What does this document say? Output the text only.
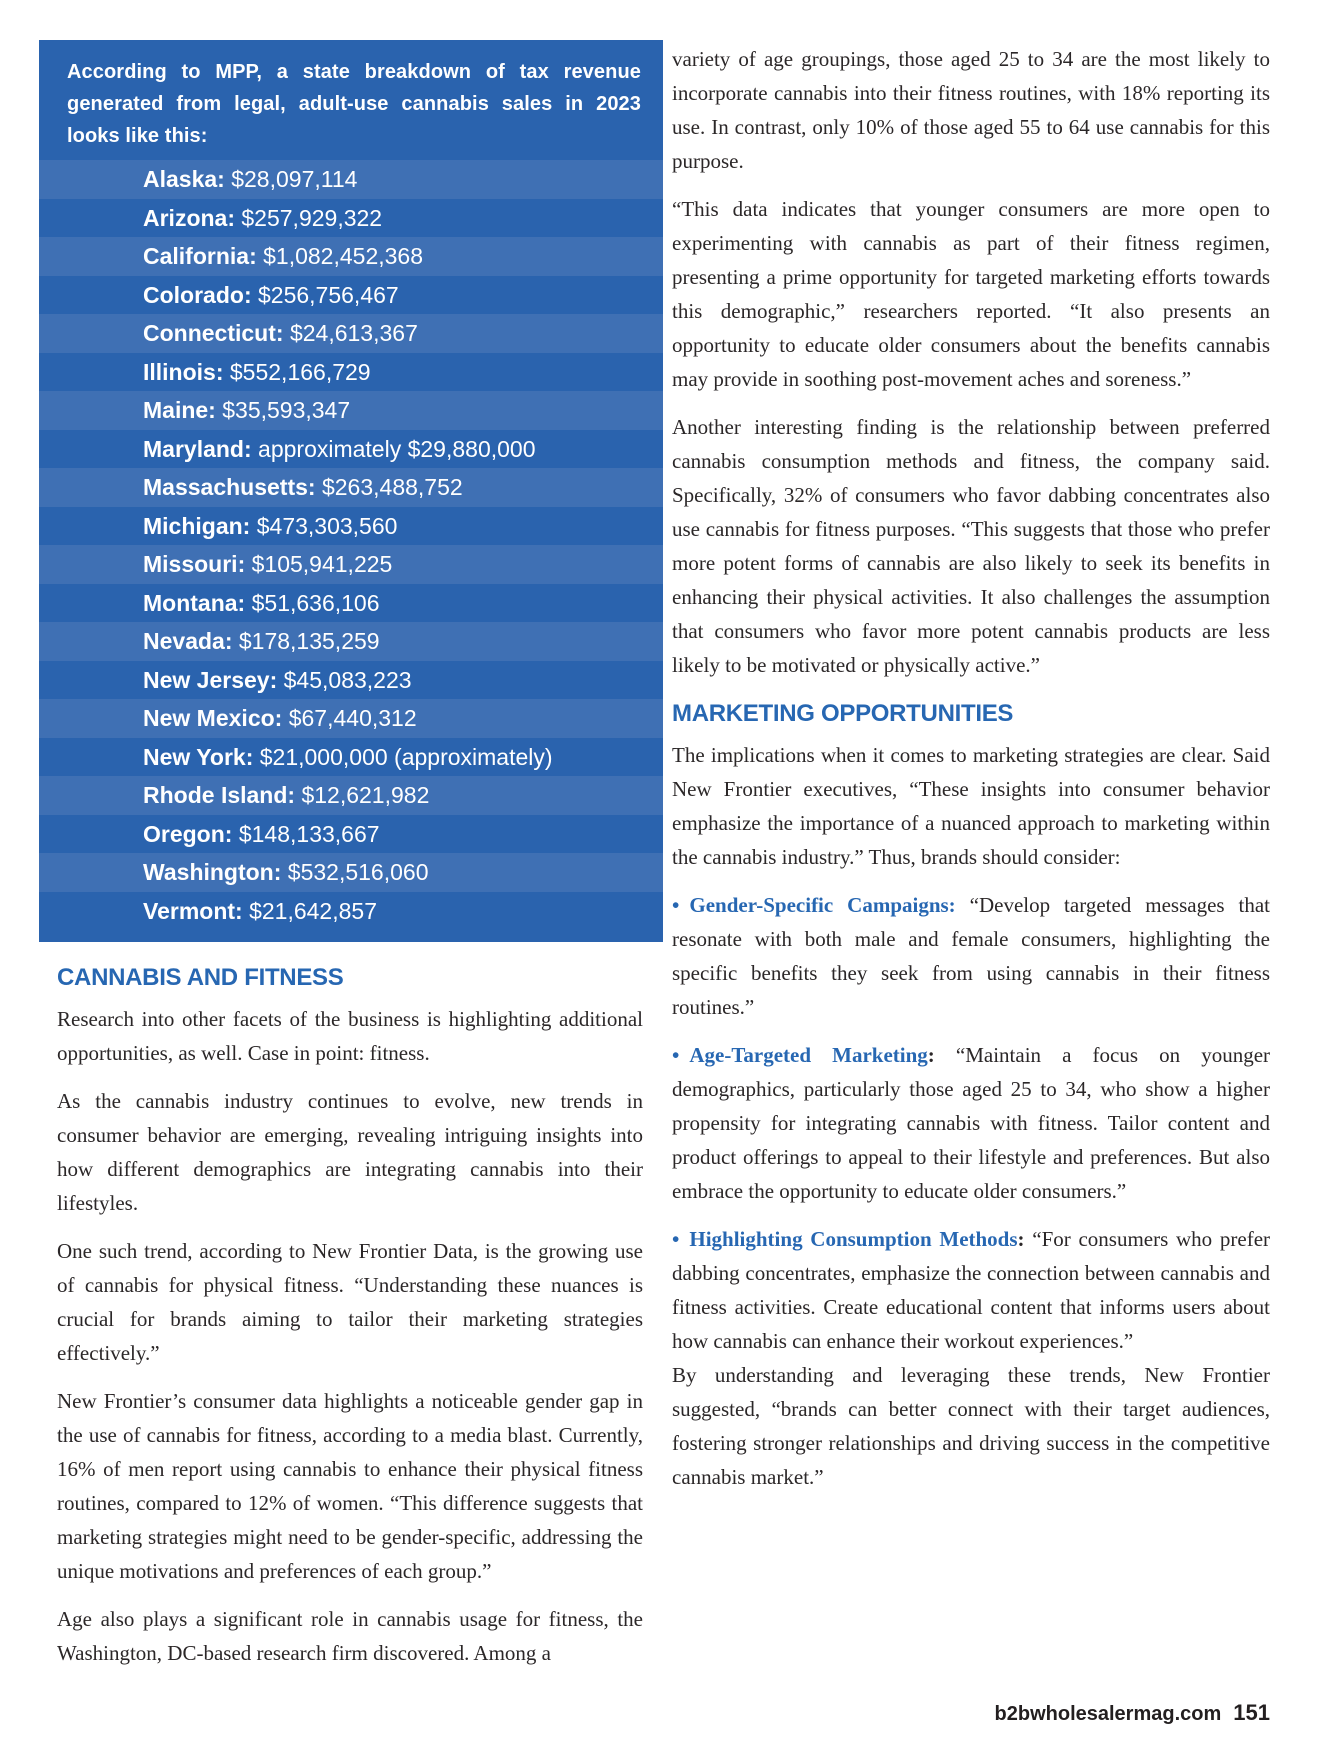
According to MPP, a state breakdown of tax revenue
generated from legal, adult-use cannabis sales in 2023
looks like this:
Alaska: $28,097,114
Arizona: $257,929,322
California: $1,082,452,368
Colorado: $256,756,467
Connecticut: $24,613,367
Illinois: $552,166,729
Maine: $35,593,347
Maryland: approximately $29,880,000
Massachusetts: $263,488,752
Michigan: $473,303,560
Missouri: $105,941,225
Montana: $51,636,106
Nevada: $178,135,259
New Jersey: $45,083,223
New Mexico: $67,440,312
New York: $21,000,000 (approximately)
Rhode Island: $12,621,982
Oregon: $148,133,667
Washington: $532,516,060
Vermont: $21,642,857
CANNABIS AND FITNESS

Research into other facets of the business is highlighting additional opportunities, as well. Case in point: fitness.

As the cannabis industry continues to evolve, new trends in consumer behavior are emerging, revealing intriguing insights into how different demographics are integrating cannabis into their lifestyles.

One such trend, according to New Frontier Data, is the growing use of cannabis for physical fitness. “Understanding these nuances is crucial for brands aiming to tailor their marketing strategies effectively.”

New Frontier’s consumer data highlights a noticeable gender gap in the use of cannabis for fitness, according to a media blast. Currently, 16% of men report using cannabis to enhance their physical fitness routines, compared to 12% of women. “This difference suggests that marketing strategies might need to be gender-specific, addressing the unique motivations and preferences of each group.”

Age also plays a significant role in cannabis usage for fitness, the Washington, DC-based research firm discovered. Among a

variety of age groupings, those aged 25 to 34 are the most likely to incorporate cannabis into their fitness routines, with 18% reporting its use. In contrast, only 10% of those aged 55 to 64 use cannabis for this purpose.

“This data indicates that younger consumers are more open to experimenting with cannabis as part of their fitness regimen, presenting a prime opportunity for targeted marketing efforts towards this demographic,” researchers reported. “It also presents an opportunity to educate older consumers about the benefits cannabis may provide in soothing post-movement aches and soreness.”

Another interesting finding is the relationship between preferred cannabis consumption methods and fitness, the company said. Specifically, 32% of consumers who favor dabbing concentrates also use cannabis for fitness purposes. “This suggests that those who prefer more potent forms of cannabis are also likely to seek its benefits in enhancing their physical activities. It also challenges the assumption that consumers who favor more potent cannabis products are less likely to be motivated or physically active.”

MARKETING OPPORTUNITIES

The implications when it comes to marketing strategies are clear. Said New Frontier executives, “These insights into consumer behavior emphasize the importance of a nuanced approach to marketing within the cannabis industry.” Thus, brands should consider:

• Gender-Specific Campaigns: “Develop targeted messages that resonate with both male and female consumers, highlighting the specific benefits they seek from using cannabis in their fitness routines.”

• Age-Targeted Marketing: “Maintain a focus on younger demographics, particularly those aged 25 to 34, who show a higher propensity for integrating cannabis with fitness. Tailor content and product offerings to appeal to their lifestyle and preferences. But also embrace the opportunity to educate older consumers.”

• Highlighting Consumption Methods: “For consumers who prefer dabbing concentrates, emphasize the connection between cannabis and fitness activities. Create educational content that informs users about how cannabis can enhance their workout experiences.”

By understanding and leveraging these trends, New Frontier suggested, “brands can better connect with their target audiences, fostering stronger relationships and driving success in the competitive cannabis market.”

b2bwholesalermag.com 151
